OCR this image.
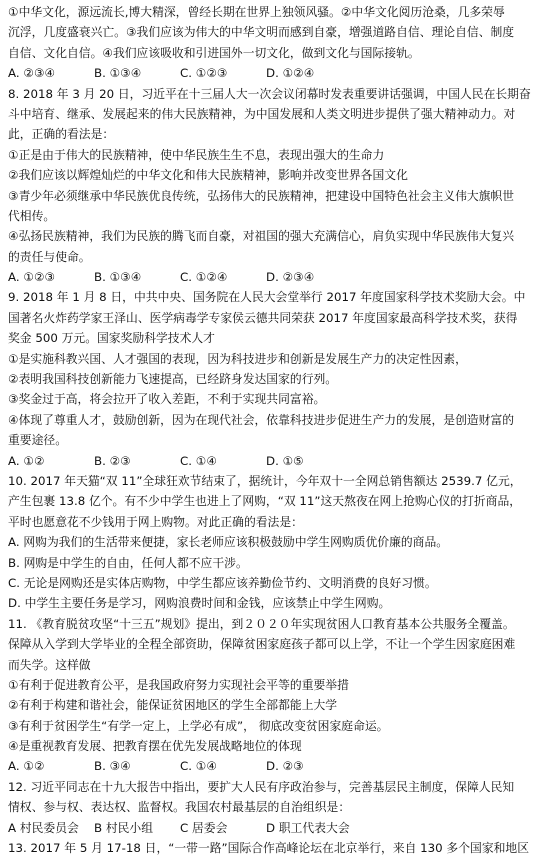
①中华文化，源远流长,博大精深，曾经长期在世界上独领风骚。②中华文化阅历沧桑，几多荣辱
沉浮，几度盛衰兴亡。③我们应该为伟大的中华文明而感到自豪，增强道路自信、理论自信、制度
自信、文化自信。④我们应该吸收和引进国外一切文化，做到文化与国际接轨。
A. ②③④	B. ①③④	C. ①②③	D. ①②④
8. 2018 年 3 月 20 日，习近平在十三届人大一次会议闭幕时发表重要讲话强调，中国人民在长期奋
斗中培育、继承、发展起来的伟大民族精神，为中国发展和人类文明进步提供了强大精神动力。对
此，正确的看法是：
①正是由于伟大的民族精神，使中华民族生生不息，表现出强大的生命力
②我们应该以辉煌灿烂的中华文化和伟大民族精神，影响并改变世界各国文化
③青少年必须继承中华民族优良传统，弘扬伟大的民族精神，把建设中国特色社会主义伟大旗帜世
代相传。
④弘扬民族精神，我们为民族的腾飞而自豪，对祖国的强大充满信心，肩负实现中华民族伟大复兴
的责任与使命。
A. ①②③	B. ①③④	C. ①②④	D. ②③④
9. 2018 年 1 月 8 日，中共中央、国务院在人民大会堂举行 2017 年度国家科学技术奖励大会。中
国著名火炸药学家王泽山、医学病毒学专家侯云德共同荣获 2017 年度国家最高科学技术奖，获得
奖金 500 万元。国家奖励科学技术人才
①是实施科教兴国、人才强国的表现，因为科技进步和创新是发展生产力的决定性因素，
②表明我国科技创新能力飞速提高，已经跻身发达国家的行列。
③奖金过于高，将会拉开了收入差距，不利于实现共同富裕。
④体现了尊重人才，鼓励创新，因为在现代社会，依靠科技进步促进生产力的发展，是创造财富的
重要途径。
A. ①②	B. ②③	C. ①④	D. ①⑤
10. 2017 年天猫“双 11”全球狂欢节结束了，据统计，今年双十一全网总销售额达 2539.7 亿元，
产生包裹 13.8 亿个。有不少中学生也进上了网购，“双 11”这天熬夜在网上抢购心仪的打折商品，
平时也愿意花不少钱用于网上购物。对此正确的看法是：
A. 网购为我们的生活带来便捷，家长老师应该积极鼓励中学生网购质优价廉的商品。
B. 网购是中学生的自由，任何人都不应干涉。
C. 无论是网购还是实体店购物，中学生都应该养勤俭节约、文明消费的良好习惯。
D. 中学生主要任务是学习，网购浪费时间和金钱，应该禁止中学生网购。
11. 《教育脱贫攻坚“十三五”规划》提出，到２０２０年实现贫困人口教育基本公共服务全覆盖。
保障从入学到大学毕业的全程全部资助，保障贫困家庭孩子都可以上学，不让一个学生因家庭困难
而失学。这样做
①有利于促进教育公平，是我国政府努力实现社会平等的重要举措
②有利于构建和谐社会，能保证贫困地区的学生全部都能上大学
③有利于贫困学生“有学一定上，上学必有成”， 彻底改变贫困家庭命运。
④是重视教育发展、把教育摆在优先发展战略地位的体现
A. ①②	B. ③④	C. ①④	D. ②③
12. 习近平同志在十九大报告中指出，要扩大人民有序政治参与，完善基层民主制度，保障人民知
情权、参与权、表达权、监督权。我国农村最基层的自治组织是：
A 村民委员会	B 村民小组	C 居委会	D 职工代表大会
13. 2017 年 5 月 17-18 日，“一带一路”国际合作高峰论坛在北京举行，来自 130 多个国家和地区
